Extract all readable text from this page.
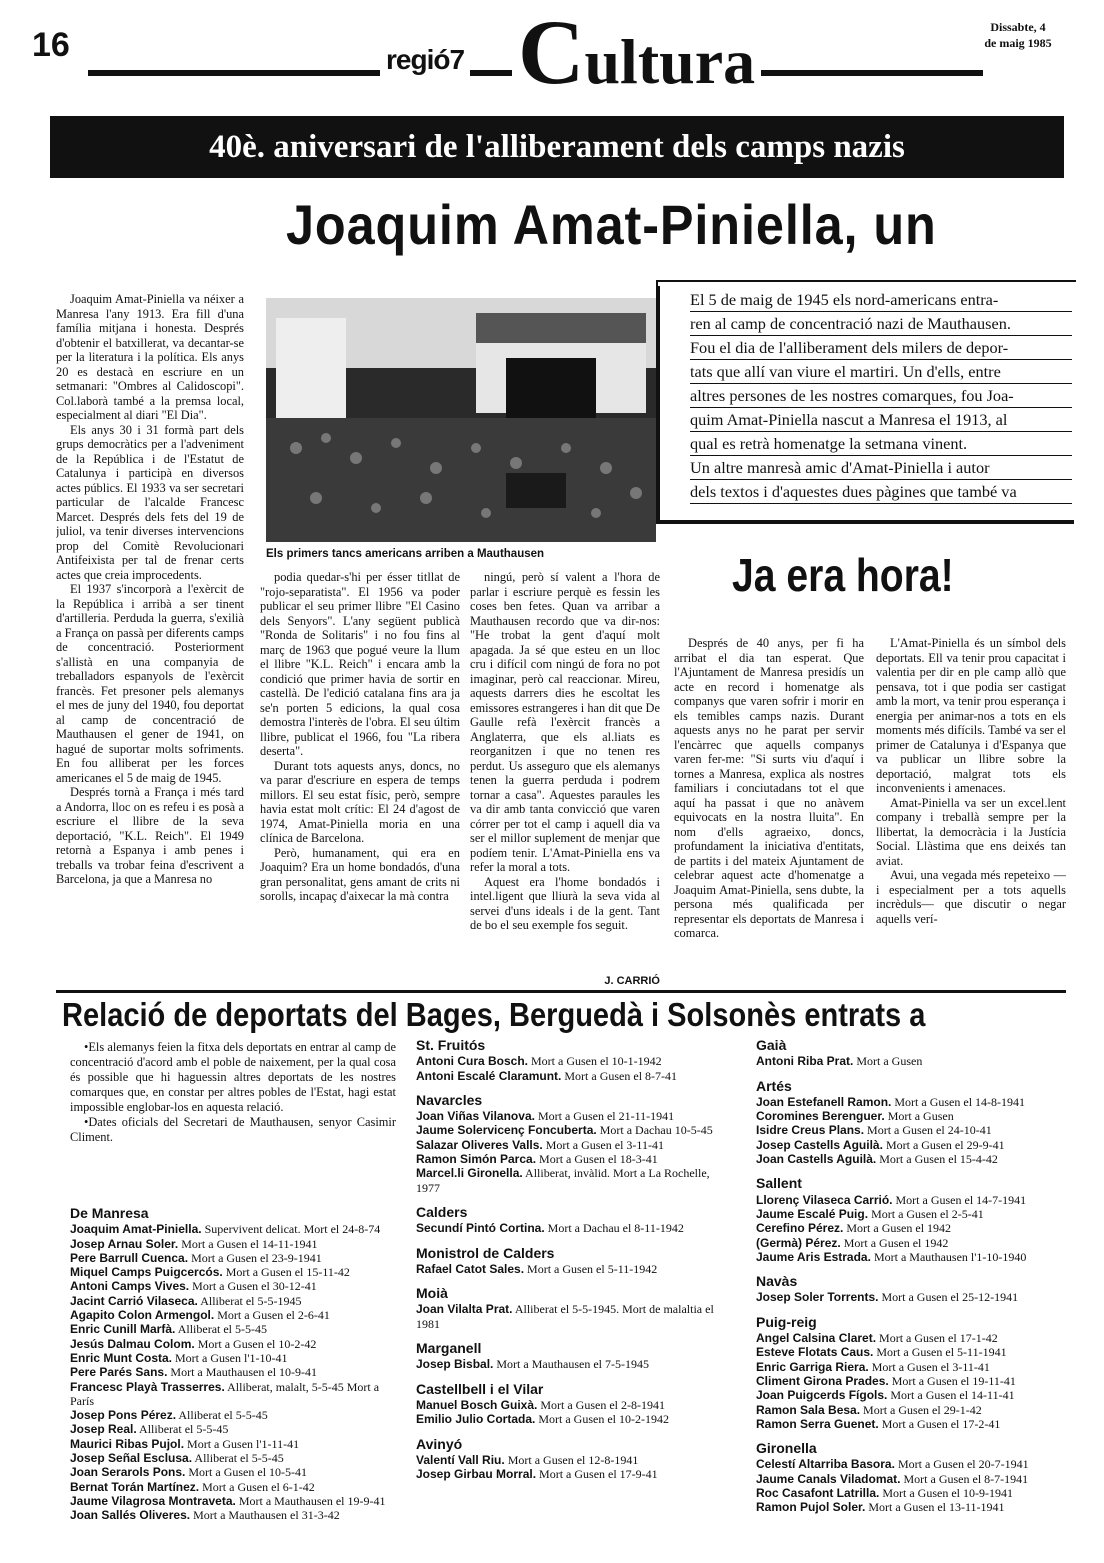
16	regió7 Cultura	Dissabte, 4
de maig 1985
40è. aniversari de l'alliberament dels camps nazis
Joaquim Amat-Piniella, un

Joaquim Amat-Piniella va néixer a Manresa l'any 1913. Era fill d'una família mitjana i honesta. Després d'obtenir el batxillerat, va decantar-se per la literatura i la política. Els anys 20 es destacà en escriure en un setmanari: "Ombres al Calidoscopi". Col.laborà també a la premsa local, especialment al diari "El Dia".

Els anys 30 i 31 formà part dels grups democràtics per a l'adveniment de la República i de l'Estatut de Catalunya i participà en diversos actes públics. El 1933 va ser secretari particular de l'alcalde Francesc Marcet. Després dels fets del 19 de juliol, va tenir diverses intervencions prop del Comitè Revolucionari Antifeixista per tal de frenar certs actes que creia improcedents.

El 1937 s'incorporà a l'exèrcit de la República i arribà a ser tinent d'artilleria. Perduda la guerra, s'exilià a França on passà per diferents camps de concentració. Posteriorment s'allistà en una companyia de treballadors espanyols de l'exèrcit francès. Fet presoner pels alemanys el mes de juny del 1940, fou deportat al camp de concentració de Mauthausen el gener de 1941, on hagué de suportar molts sofriments. En fou alliberat per les forces americanes el 5 de maig de 1945.

Després tornà a França i més tard a Andorra, lloc on es refeu i es posà a escriure el llibre de la seva deportació, "K.L. Reich". El 1949 retornà a Espanya i amb penes i treballs va trobar feina d'escrivent a Barcelona, ja que a Manresa no

Els primers tancs americans arriben a Mauthausen
El 5 de maig de 1945 els nord-americans entra-
ren al camp de concentració nazi de Mauthausen.
Fou el dia de l'alliberament dels milers de depor-
tats que allí van viure el martiri. Un d'ells, entre
altres persones de les nostres comarques, fou Joa-
quim Amat-Piniella nascut a Manresa el 1913, al
qual es retrà homenatge la setmana vinent.
Un altre manresà amic d'Amat-Piniella i autor
dels textos i d'aquestes dues pàgines que també va

podia quedar-s'hi per ésser titllat de "rojo-separatista". El 1956 va poder publicar el seu primer llibre "El Casino dels Senyors". L'any següent publicà "Ronda de Solitaris" i no fou fins al març de 1963 que pogué veure la llum el llibre "K.L. Reich" i encara amb la condició que primer havia de sortir en castellà. De l'edició catalana fins ara ja se'n porten 5 edicions, la qual cosa demostra l'interès de l'obra. El seu últim llibre, publicat el 1966, fou "La ribera deserta".

Durant tots aquests anys, doncs, no va parar d'escriure en espera de temps millors. El seu estat físic, però, sempre havia estat molt crític: El 24 d'agost de 1974, Amat-Piniella moria en una clínica de Barcelona.

Però, humanament, qui era en Joaquim? Era un home bondadós, d'una gran personalitat, gens amant de crits ni sorolls, incapaç d'aixecar la mà contra

ningú, però sí valent a l'hora de parlar i escriure perquè es fessin les coses ben fetes. Quan va arribar a Mauthausen recordo que va dir-nos: "He trobat la gent d'aquí molt apagada. Ja sé que esteu en un lloc cru i difícil com ningú de fora no pot imaginar, però cal reaccionar. Mireu, aquests darrers dies he escoltat les emissores estrangeres i han dit que De Gaulle refà l'exèrcit francès a Anglaterra, que els al.liats es reorganitzen i que no tenen res perdut. Us asseguro que els alemanys tenen la guerra perduda i podrem tornar a casa". Aquestes paraules les va dir amb tanta convicció que varen córrer per tot el camp i aquell dia va ser el millor suplement de menjar que podíem tenir. L'Amat-Piniella ens va refer la moral a tots.

Aquest era l'home bondadós i intel.ligent que lliurà la seva vida al servei d'uns ideals i de la gent. Tant de bo el seu exemple fos seguit.

J. CARRIÓ
Ja era hora!

Després de 40 anys, per fi ha arribat el dia tan esperat. Que l'Ajuntament de Manresa presidís un acte en record i homenatge als companys que varen sofrir i morir en els temibles camps nazis. Durant aquests anys no he parat per servir l'encàrrec que aquells companys varen fer-me: "Si surts viu d'aquí i tornes a Manresa, explica als nostres familiars i conciutadans tot el que aquí ha passat i que no anàvem equivocats en la nostra lluita". En nom d'ells agraeixo, doncs, profundament la iniciativa d'entitats, de partits i del mateix Ajuntament de celebrar aquest acte d'homenatge a Joaquim Amat-Piniella, sens dubte, la persona més qualificada per representar els deportats de Manresa i comarca.

L'Amat-Piniella és un símbol dels deportats. Ell va tenir prou capacitat i valentia per dir en ple camp allò que pensava, tot i que podia ser castigat amb la mort, va tenir prou esperança i energia per animar-nos a tots en els moments més difícils. També va ser el primer de Catalunya i d'Espanya que va publicar un llibre sobre la deportació, malgrat tots els inconvenients i amenaces.

Amat-Piniella va ser un excel.lent company i treballà sempre per la llibertat, la democràcia i la Justícia Social. Llàstima que ens deixés tan aviat.

Avui, una vegada més repeteixo —i especialment per a tots aquells incrèduls— que discutir o negar aquells verí-

Relació de deportats del Bages, Berguedà i Solsonès entrats a

•Els alemanys feien la fitxa dels deportats en entrar al camp de concentració d'acord amb el poble de naixement, per la qual cosa és possible que hi haguessin altres deportats de les nostres comarques que, en constar per altres pobles de l'Estat, hagi estat impossible englobar-los en aquesta relació.

•Dates oficials del Secretari de Mauthausen, senyor Casimir Climent.

De Manresa
Joaquim Amat-Piniella. Supervivent delicat. Mort el 24-8-74
Josep Arnau Soler. Mort a Gusen el 14-11-1941
Pere Barrull Cuenca. Mort a Gusen el 23-9-1941
Miquel Camps Puigcercós. Mort a Gusen el 15-11-42
Antoni Camps Vives. Mort a Gusen el 30-12-41
Jacint Carrió Vilaseca. Alliberat el 5-5-1945
Agapito Colon Armengol. Mort a Gusen el 2-6-41
Enric Cunill Marfà. Alliberat el 5-5-45
Jesús Dalmau Colom. Mort a Gusen el 10-2-42
Enric Munt Costa. Mort a Gusen l'1-10-41
Pere Parés Sans. Mort a Mauthausen el 10-9-41
Francesc Playà Trasserres. Alliberat, malalt, 5-5-45 Mort a París
Josep Pons Pérez. Alliberat el 5-5-45
Josep Real. Alliberat el 5-5-45
Maurici Ribas Pujol. Mort a Gusen l'1-11-41
Josep Señal Esclusa. Alliberat el 5-5-45
Joan Serarols Pons. Mort a Gusen el 10-5-41
Bernat Torán Martínez. Mort a Gusen el 6-1-42
Jaume Vilagrosa Montraveta. Mort a Mauthausen el 19-9-41
Joan Sallés Oliveres. Mort a Mauthausen el 31-3-42
St. Fruitós
Antoni Cura Bosch. Mort a Gusen el 10-1-1942
Antoni Escalé Claramunt. Mort a Gusen el 8-7-41
Navarcles
Joan Viñas Vilanova. Mort a Gusen el 21-11-1941
Jaume Solervicenç Foncuberta. Mort a Dachau 10-5-45
Salazar Oliveres Valls. Mort a Gusen el 3-11-41
Ramon Simón Parca. Mort a Gusen el 18-3-41
Marcel.li Gironella. Alliberat, invàlid. Mort a La Rochelle, 1977
Calders
Secundí Pintó Cortina. Mort a Dachau el 8-11-1942
Monistrol de Calders
Rafael Catot Sales. Mort a Gusen el 5-11-1942
Moià
Joan Vilalta Prat. Alliberat el 5-5-1945. Mort de malaltia el 1981
Marganell
Josep Bisbal. Mort a Mauthausen el 7-5-1945
Castellbell i el Vilar
Manuel Bosch Guixà. Mort a Gusen el 2-8-1941
Emilio Julio Cortada. Mort a Gusen el 10-2-1942
Avinyó
Valentí Vall Riu. Mort a Gusen el 12-8-1941
Josep Girbau Morral. Mort a Gusen el 17-9-41
Gaià
Antoni Riba Prat. Mort a Gusen
Artés
Joan Estefanell Ramon. Mort a Gusen el 14-8-1941
Coromines Berenguer. Mort a Gusen
Isidre Creus Plans. Mort a Gusen el 24-10-41
Josep Castells Aguilà. Mort a Gusen el 29-9-41
Joan Castells Aguilà. Mort a Gusen el 15-4-42
Sallent
Llorenç Vilaseca Carrió. Mort a Gusen el 14-7-1941
Jaume Escalé Puig. Mort a Gusen el 2-5-41
Cerefino Pérez. Mort a Gusen el 1942
(Germà) Pérez. Mort a Gusen el 1942
Jaume Aris Estrada. Mort a Mauthausen l'1-10-1940
Navàs
Josep Soler Torrents. Mort a Gusen el 25-12-1941
Puig-reig
Angel Calsina Claret. Mort a Gusen el 17-1-42
Esteve Flotats Caus. Mort a Gusen el 5-11-1941
Enric Garriga Riera. Mort a Gusen el 3-11-41
Climent Girona Prades. Mort a Gusen el 19-11-41
Joan Puigcerds Fígols. Mort a Gusen el 14-11-41
Ramon Sala Besa. Mort a Gusen el 29-1-42
Ramon Serra Guenet. Mort a Gusen el 17-2-41
Gironella
Celestí Altarriba Basora. Mort a Gusen el 20-7-1941
Jaume Canals Viladomat. Mort a Gusen el 8-7-1941
Roc Casafont Latrilla. Mort a Gusen el 10-9-1941
Ramon Pujol Soler. Mort a Gusen el 13-11-1941
